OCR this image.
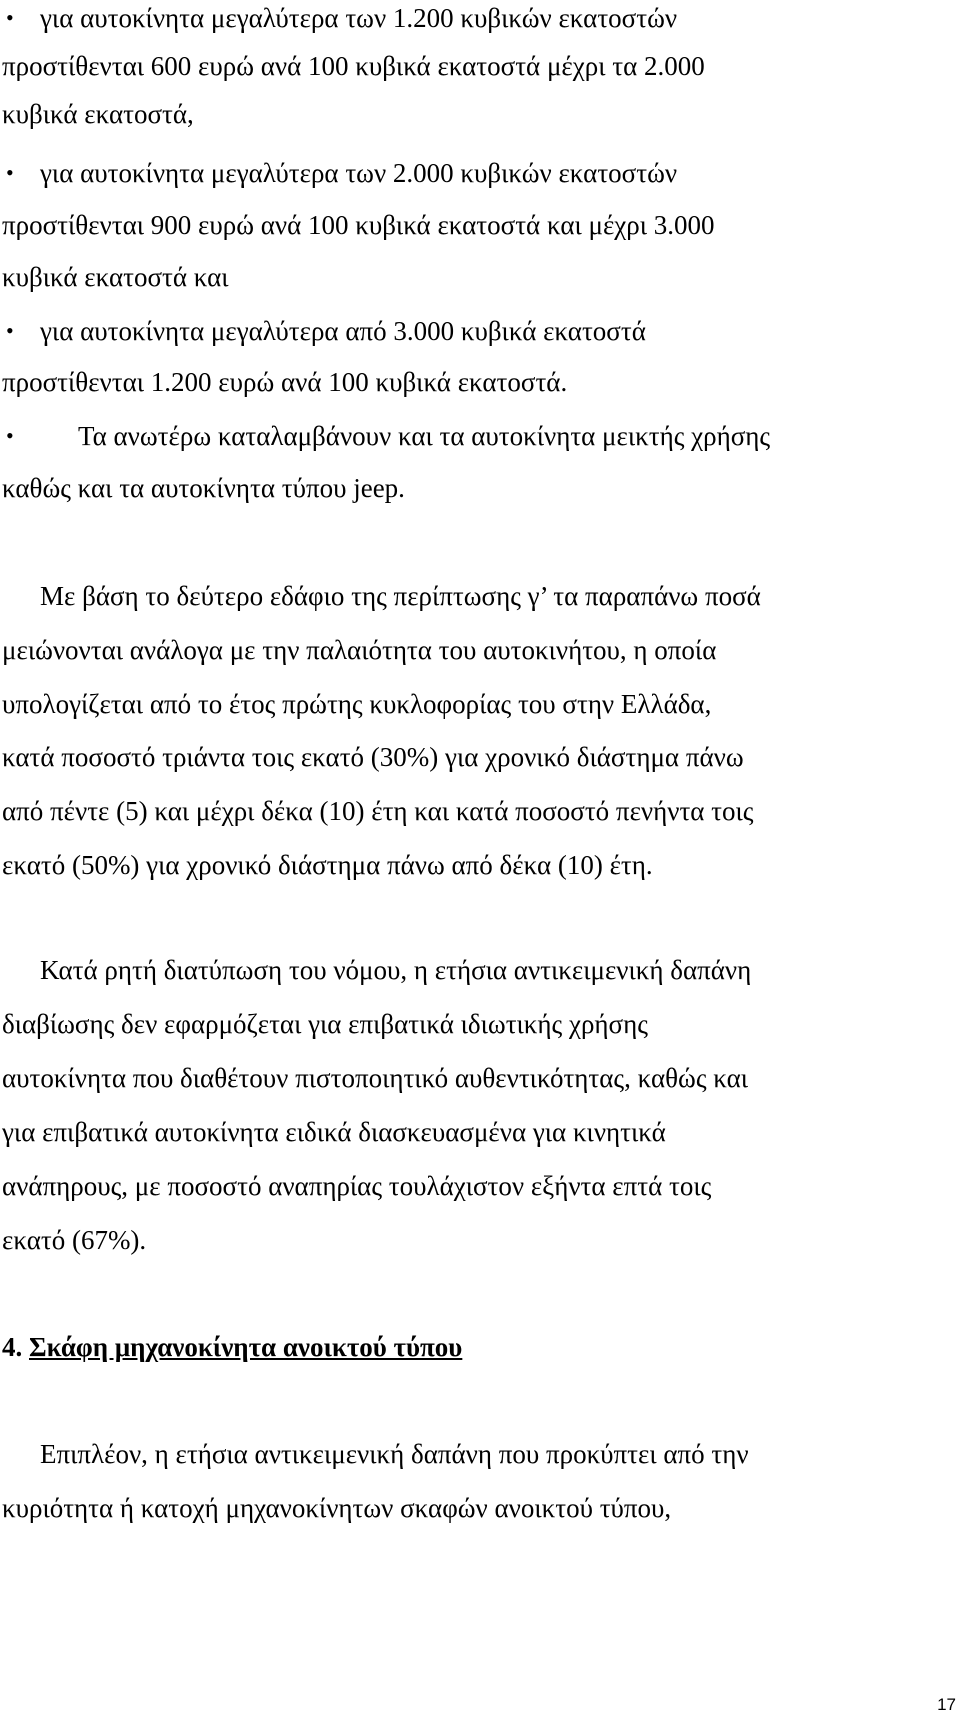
• για αυτοκίνητα μεγαλύτερα των 1.200 κυβικών εκατοστών
προστίθενται 600 ευρώ ανά 100 κυβικά εκατοστά μέχρι τα 2.000
κυβικά εκατοστά,
• για αυτοκίνητα μεγαλύτερα των 2.000 κυβικών εκατοστών
προστίθενται 900 ευρώ ανά 100 κυβικά εκατοστά και μέχρι 3.000
κυβικά εκατοστά και
• για αυτοκίνητα μεγαλύτερα από 3.000 κυβικά εκατοστά
προστίθενται 1.200 ευρώ ανά 100 κυβικά εκατοστά.
• Τα ανωτέρω καταλαμβάνουν και τα αυτοκίνητα μεικτής χρήσης
καθώς και τα αυτοκίνητα τύπου jeep.
Με βάση το δεύτερο εδάφιο της περίπτωσης γ’ τα παραπάνω ποσά
μειώνονται ανάλογα με την παλαιότητα του αυτοκινήτου, η οποία
υπολογίζεται από το έτος πρώτης κυκλοφορίας του στην Ελλάδα,
κατά ποσοστό τριάντα τοις εκατό (30%) για χρονικό διάστημα πάνω
από πέντε (5) και μέχρι δέκα (10) έτη και κατά ποσοστό πενήντα τοις
εκατό (50%) για χρονικό διάστημα πάνω από δέκα (10) έτη.
Κατά ρητή διατύπωση του νόμου, η ετήσια αντικειμενική δαπάνη
διαβίωσης δεν εφαρμόζεται για επιβατικά ιδιωτικής χρήσης
αυτοκίνητα που διαθέτουν πιστοποιητικό αυθεντικότητας, καθώς και
για επιβατικά αυτοκίνητα ειδικά διασκευασμένα για κινητικά
ανάπηρους, με ποσοστό αναπηρίας τουλάχιστον εξήντα επτά τοις
εκατό (67%).
4. Σκάφη μηχανοκίνητα ανοικτού τύπου
Επιπλέον, η ετήσια αντικειμενική δαπάνη που προκύπτει από την
κυριότητα ή κατοχή μηχανοκίνητων σκαφών ανοικτού τύπου,
17
